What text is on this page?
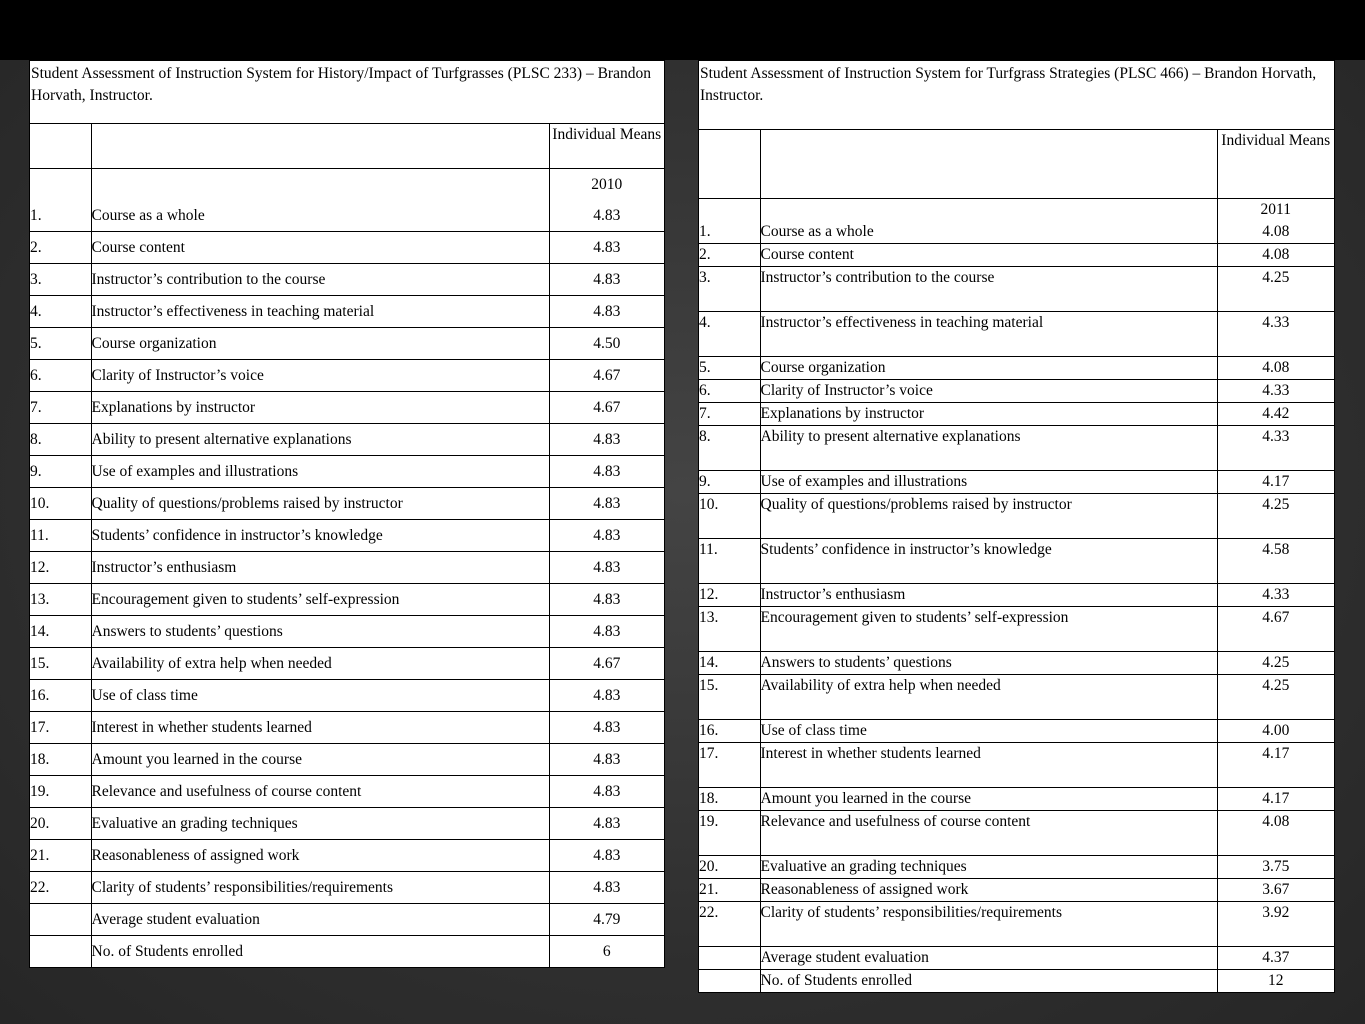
Student Assessment of Instruction System for History/Impact of Turfgrasses (PLSC 233) – Brandon Horvath, Instructor.
		Individual Means
		2010
1.	Course as a whole	4.83
2.	Course content	4.83
3.	Instructor’s contribution to the course	4.83
4.	Instructor’s effectiveness in teaching material	4.83
5.	Course organization	4.50
6.	Clarity of Instructor’s voice	4.67
7.	Explanations by instructor	4.67
8.	Ability to present alternative explanations	4.83
9.	Use of examples and illustrations	4.83
10.	Quality of questions/problems raised by instructor	4.83
11.	Students’ confidence in instructor’s knowledge	4.83
12.	Instructor’s enthusiasm	4.83
13.	Encouragement given to students’ self-expression	4.83
14.	Answers to students’ questions	4.83
15.	Availability of extra help when needed	4.67
16.	Use of class time	4.83
17.	Interest in whether students learned	4.83
18.	Amount you learned in the course	4.83
19.	Relevance and usefulness of course content	4.83
20.	Evaluative an grading techniques	4.83
21.	Reasonableness of assigned work	4.83
22.	Clarity of students’ responsibilities/requirements	4.83
	Average student evaluation	4.79
	No. of Students enrolled	6
Student Assessment of Instruction System for Turfgrass Strategies (PLSC 466) – Brandon Horvath, Instructor.
		Individual Means
		2011
1.	Course as a whole	4.08
2.	Course content	4.08
3.	Instructor’s contribution to the course	4.25
4.	Instructor’s effectiveness in teaching material	4.33
5.	Course organization	4.08
6.	Clarity of Instructor’s voice	4.33
7.	Explanations by instructor	4.42
8.	Ability to present alternative explanations	4.33
9.	Use of examples and illustrations	4.17
10.	Quality of questions/problems raised by instructor	4.25
11.	Students’ confidence in instructor’s knowledge	4.58
12.	Instructor’s enthusiasm	4.33
13.	Encouragement given to students’ self-expression	4.67
14.	Answers to students’ questions	4.25
15.	Availability of extra help when needed	4.25
16.	Use of class time	4.00
17.	Interest in whether students learned	4.17
18.	Amount you learned in the course	4.17
19.	Relevance and usefulness of course content	4.08
20.	Evaluative an grading techniques	3.75
21.	Reasonableness of assigned work	3.67
22.	Clarity of students’ responsibilities/requirements	3.92
	Average student evaluation	4.37
	No. of Students enrolled	12
